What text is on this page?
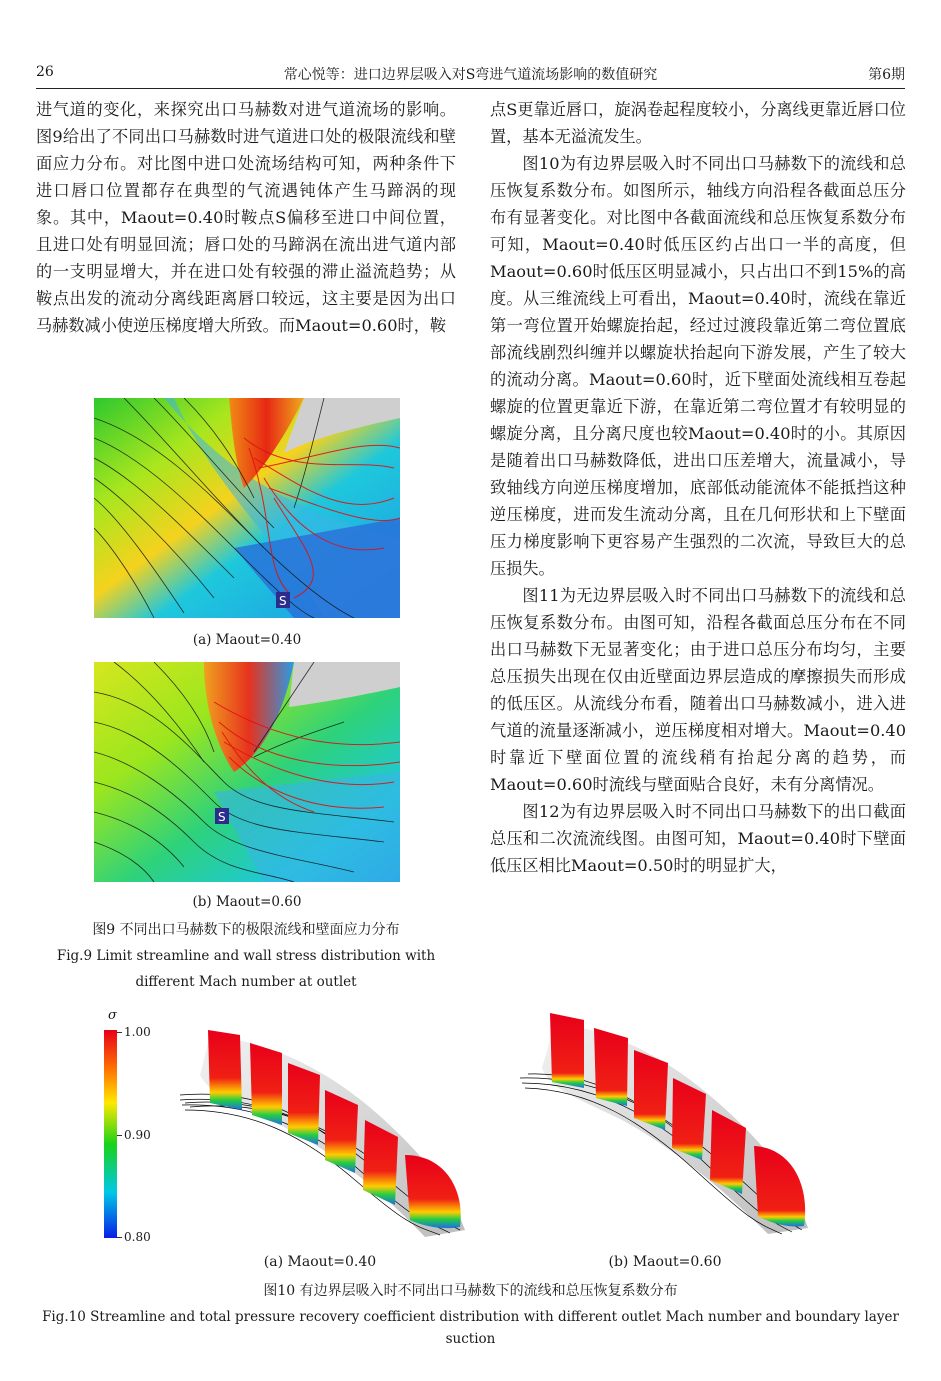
26	常心悦等：进口边界层吸入对S弯进气道流场影响的数值研究	第6期

进气道的变化，来探究出口马赫数对进气道流场的影响。图9给出了不同出口马赫数时进气道进口处的极限流线和壁面应力分布。对比图中进口处流场结构可知，两种条件下进口唇口位置都存在典型的气流遇钝体产生马蹄涡的现象。其中，Maout=0.40时鞍点S偏移至进口中间位置，且进口处有明显回流；唇口处的马蹄涡在流出进气道内部的一支明显增大，并在进口处有较强的滞止溢流趋势；从鞍点出发的流动分离线距离唇口较远，这主要是因为出口马赫数减小使逆压梯度增大所致。而Maout=0.60时，鞍

点S更靠近唇口，旋涡卷起程度较小，分离线更靠近唇口位置，基本无溢流发生。

图10为有边界层吸入时不同出口马赫数下的流线和总压恢复系数分布。如图所示，轴线方向沿程各截面总压分布有显著变化。对比图中各截面流线和总压恢复系数分布可知，Maout=0.40时低压区约占出口一半的高度，但Maout=0.60时低压区明显减小，只占出口不到15%的高度。从三维流线上可看出，Maout=0.40时，流线在靠近第一弯位置开始螺旋抬起，经过过渡段靠近第二弯位置底部流线剧烈纠缠并以螺旋状抬起向下游发展，产生了较大的流动分离。Maout=0.60时，近下壁面处流线相互卷起螺旋的位置更靠近下游，在靠近第二弯位置才有较明显的螺旋分离，且分离尺度也较Maout=0.40时的小。其原因是随着出口马赫数降低，进出口压差增大，流量减小，导致轴线方向逆压梯度增加，底部低动能流体不能抵挡这种逆压梯度，进而发生流动分离，且在几何形状和上下壁面压力梯度影响下更容易产生强烈的二次流，导致巨大的总压损失。

图11为无边界层吸入时不同出口马赫数下的流线和总压恢复系数分布。由图可知，沿程各截面总压分布在不同出口马赫数下无显著变化；由于进口总压分布均匀，主要总压损失出现在仅由近壁面边界层造成的摩擦损失而形成的低压区。从流线分布看，随着出口马赫数减小，进入进气道的流量逐渐减小，逆压梯度相对增大。Maout=0.40时靠近下壁面位置的流线稍有抬起分离的趋势，而Maout=0.60时流线与壁面贴合良好，未有分离情况。

图12为有边界层吸入时不同出口马赫数下的出口截面总压和二次流流线图。由图可知，Maout=0.40时下壁面低压区相比Maout=0.50时的明显扩大，

S
(a) Maout=0.40
S
(b) Maout=0.60
图9 不同出口马赫数下的极限流线和壁面应力分布
Fig.9 Limit streamline and wall stress distribution with
different Mach number at outlet
σ
1.00
0.90
0.80
(a) Maout=0.40	(b) Maout=0.60
图10 有边界层吸入时不同出口马赫数下的流线和总压恢复系数分布
Fig.10 Streamline and total pressure recovery coefficient distribution with different outlet Mach number and boundary layer suction
